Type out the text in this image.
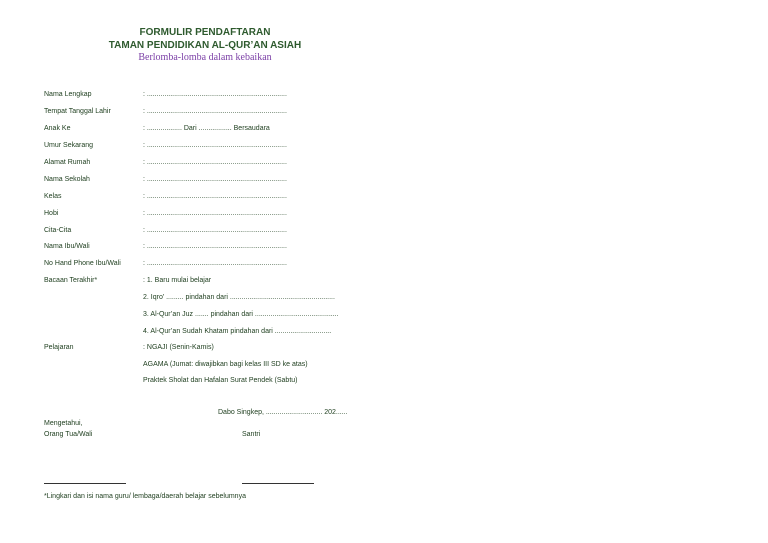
FORMULIR PENDAFTARAN
TAMAN PENDIDIKAN AL-QUR’AN ASIAH
Berlomba-lomba dalam kebaikan
Nama Lengkap	: ........................................................................
Tempat Tanggal Lahir	: ........................................................................
Anak Ke	: .................. Dari ................. Bersaudara
Umur Sekarang	: ........................................................................
Alamat Rumah	: ........................................................................
Nama Sekolah	: ........................................................................
Kelas	: ........................................................................
Hobi	: ........................................................................
Cita-Cita	: ........................................................................
Nama Ibu/Wali	: ........................................................................
No Hand Phone Ibu/Wali	: ........................................................................
Bacaan Terakhir*	: 1. Baru mulai belajar
2. Iqro’ ......... pindahan dari ......................................................
3. Al-Qur’an Juz ....... pindahan dari ...........................................
4. Al-Qur’an Sudah Khatam pindahan dari .............................
Pelajaran	: NGAJI (Senin-Kamis)
AGAMA (Jumat: diwajibkan bagi kelas III SD ke atas)
Praktek Sholat dan Hafalan Surat Pendek (Sabtu)
Dabo Singkep, ............................. 202......
Mengetahui,
Orang Tua/Wali	Santri
*Lingkari dan isi nama guru/ lembaga/daerah belajar sebelumnya
